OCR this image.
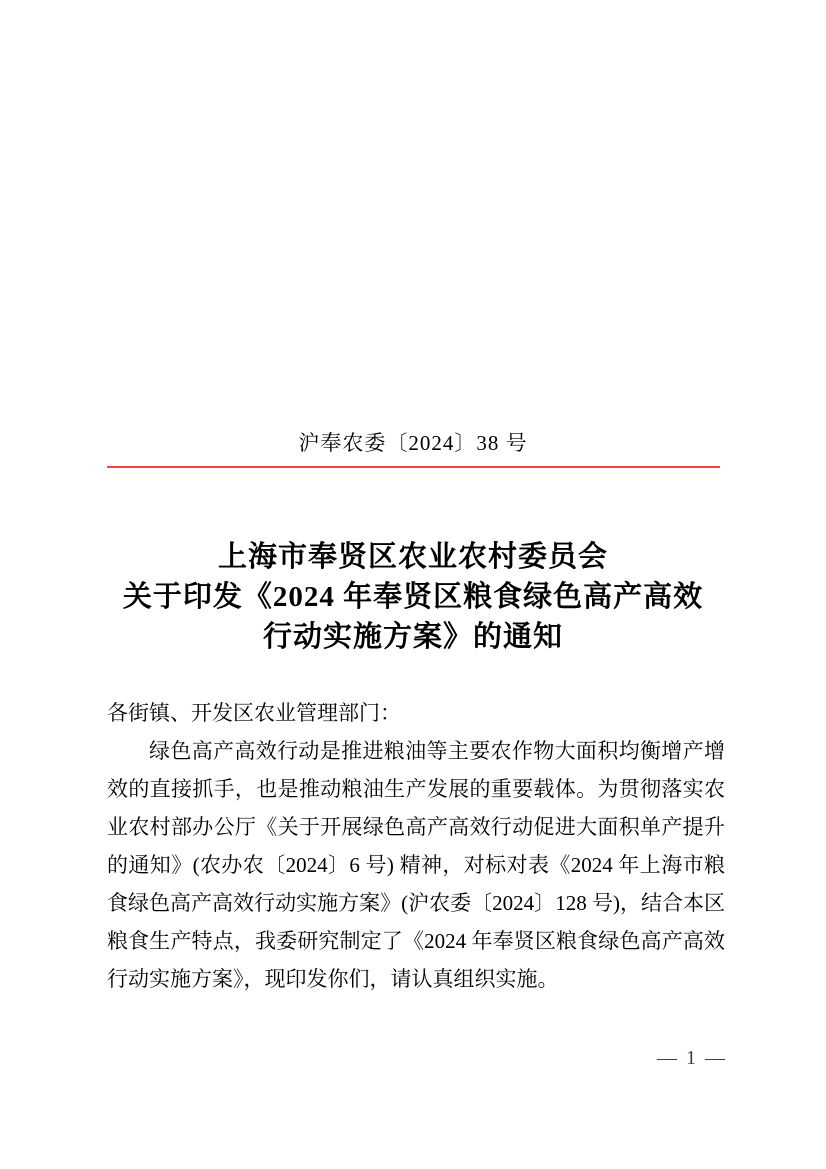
沪奉农委〔2024〕38 号
上海市奉贤区农业农村委员会
关于印发《2024 年奉贤区粮食绿色高产高效
行动实施方案》的通知
各街镇、开发区农业管理部门：
绿色高产高效行动是推进粮油等主要农作物大面积均衡增产增
效的直接抓手，也是推动粮油生产发展的重要载体。为贯彻落实农
业农村部办公厅《关于开展绿色高产高效行动促进大面积单产提升
的通知》(农办农〔2024〕6 号) 精神，对标对表《2024 年上海市粮
食绿色高产高效行动实施方案》(沪农委〔2024〕128 号)，结合本区
粮食生产特点，我委研究制定了《2024 年奉贤区粮食绿色高产高效
行动实施方案》，现印发你们，请认真组织实施。
— 1 —
